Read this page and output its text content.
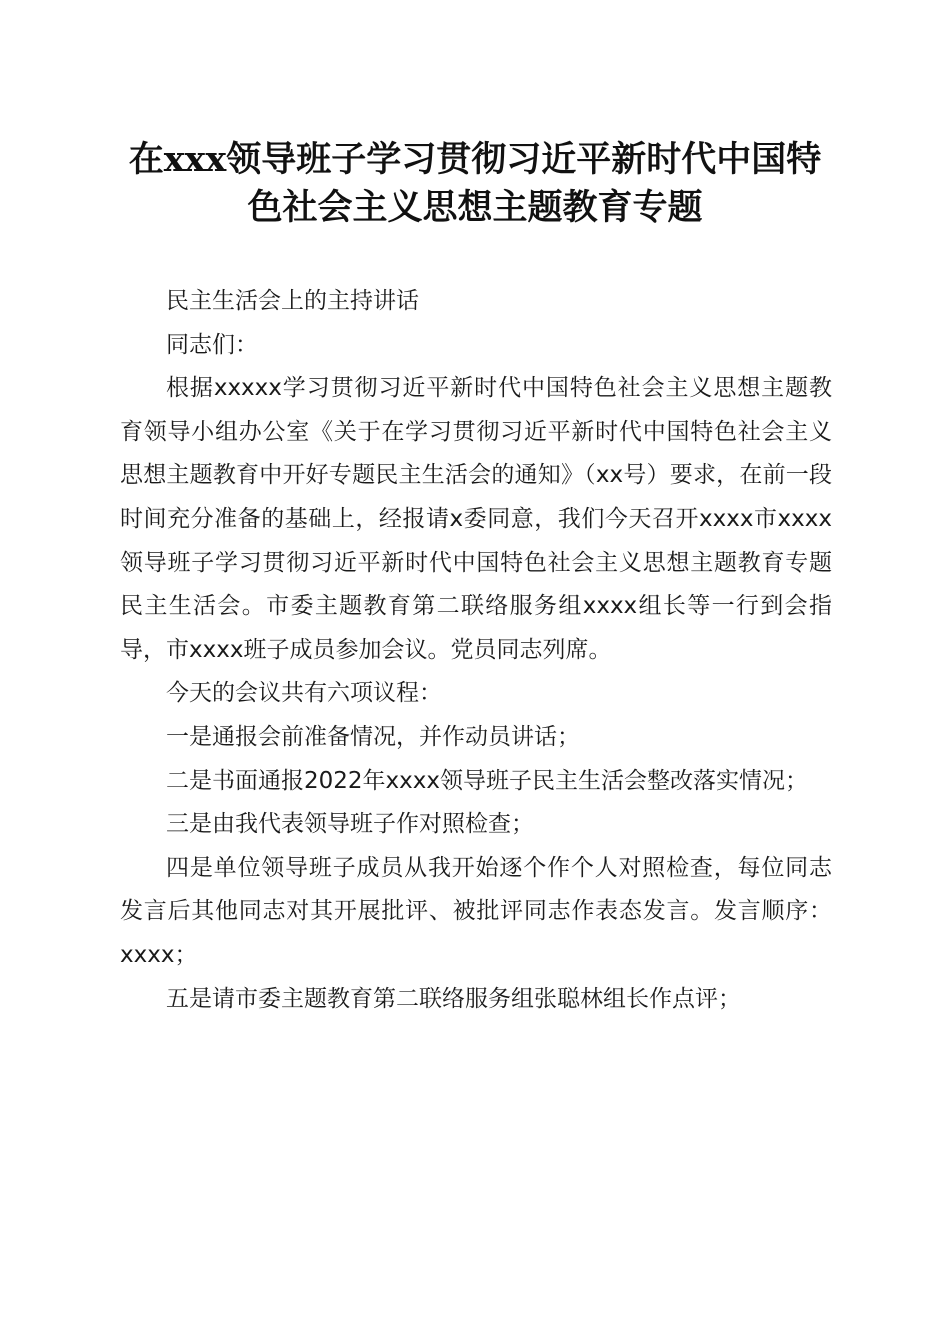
在xxx领导班子学习贯彻习近平新时代中国特
色社会主义思想主题教育专题

民主生活会上的主持讲话

同志们：

根据xxxxx学习贯彻习近平新时代中国特色社会主义思想主题教育领导小组办公室《关于在学习贯彻习近平新时代中国特色社会主义思想主题教育中开好专题民主生活会的通知》（xx号）要求，在前一段时间充分准备的基础上，经报请x委同意，我们今天召开xxxx市xxxx领导班子学习贯彻习近平新时代中国特色社会主义思想主题教育专题民主生活会。市委主题教育第二联络服务组xxxx组长等一行到会指导，市xxxx班子成员参加会议。党员同志列席。

今天的会议共有六项议程：

一是通报会前准备情况，并作动员讲话；

二是书面通报2022年xxxx领导班子民主生活会整改落实情况；

三是由我代表领导班子作对照检查；

四是单位领导班子成员从我开始逐个作个人对照检查，每位同志发言后其他同志对其开展批评、被批评同志作表态发言。发言顺序：xxxx；

五是请市委主题教育第二联络服务组张聪林组长作点评；
